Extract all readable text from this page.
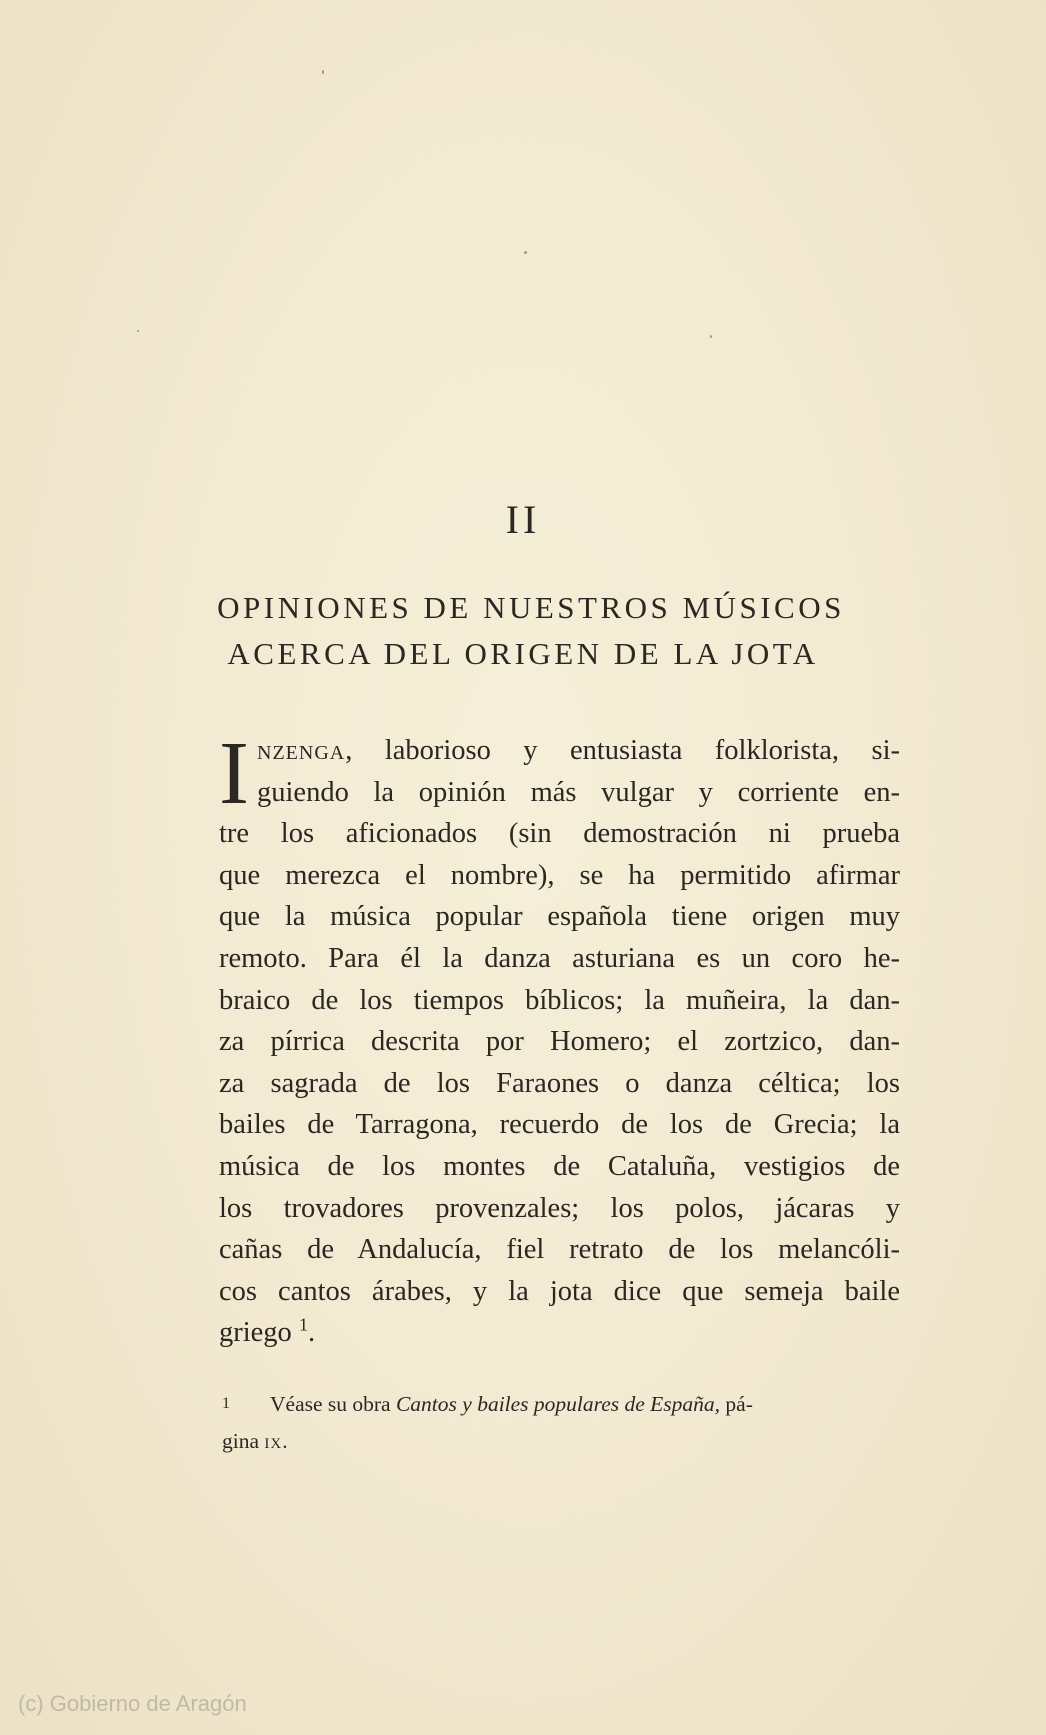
II
OPINIONES DE NUESTROS MÚSICOS
ACERCA DEL ORIGEN DE LA JOTA
I nzenga, laborioso y entusiasta folklorista, si-
guiendo la opinión más vulgar y corriente en-
tre los aficionados (sin demostración ni prueba
que merezca el nombre), se ha permitido afirmar
que la música popular española tiene origen muy
remoto. Para él la danza asturiana es un coro he-
braico de los tiempos bíblicos; la muñeira, la dan-
za pírrica descrita por Homero; el zortzico, dan-
za sagrada de los Faraones o danza céltica; los
bailes de Tarragona, recuerdo de los de Grecia; la
música de los montes de Cataluña, vestigios de
los trovadores provenzales; los polos, jácaras y
cañas de Andalucía, fiel retrato de los melancóli-
cos cantos árabes, y la jota dice que semeja baile
griego $^1$.
1 Véase su obra Cantos y bailes populares de España, pá-
gina ix.
(c) Gobierno de Aragón
